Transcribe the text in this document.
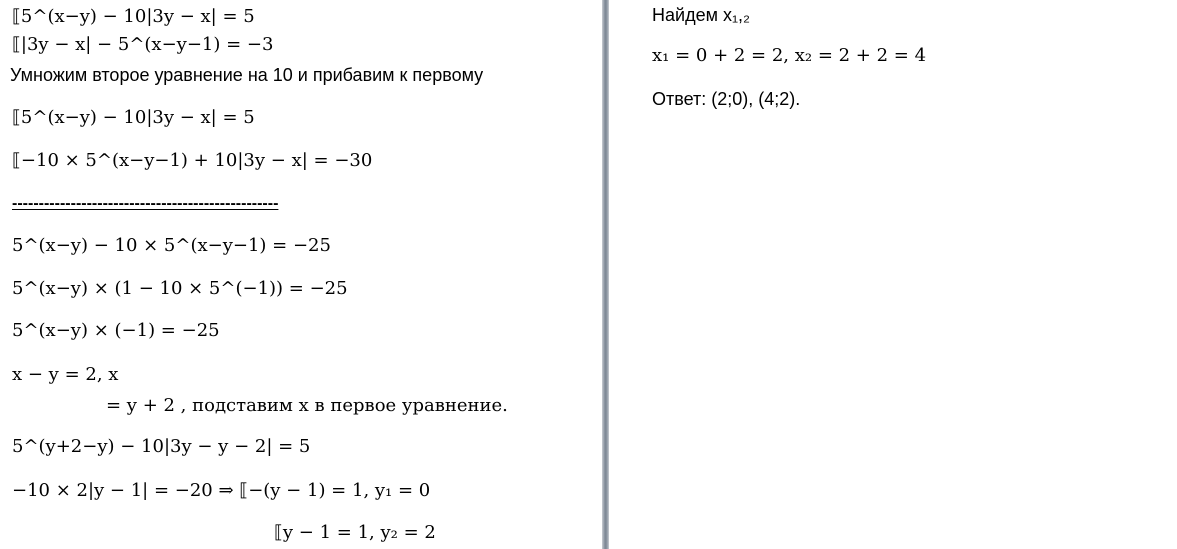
⟦5^(x−y) − 10|3y − x| = 5
⟦|3y − x| − 5^(x−y−1) = −3
Умножим второе уравнение на 10 и прибавим к первому
⟦5^(x−y) − 10|3y − x| = 5
⟦−10 × 5^(x−y−1) + 10|3y − x| = −30
--------------------------------------------------
5^(x−y) − 10 × 5^(x−y−1) = −25
5^(x−y) × (1 − 10 × 5^(−1)) = −25
5^(x−y) × (−1) = −25
x − y = 2, x
= y + 2 , подставим x в первое уравнение.
5^(y+2−y) − 10|3y − y − 2| = 5
−10 × 2|y − 1| = −20 ⇒ ⟦−(y − 1) = 1, y₁ = 0
⟦y − 1 = 1, y₂ = 2
Найдем x₁,₂
x₁ = 0 + 2 = 2, x₂ = 2 + 2 = 4
Ответ: (2;0), (4;2).
